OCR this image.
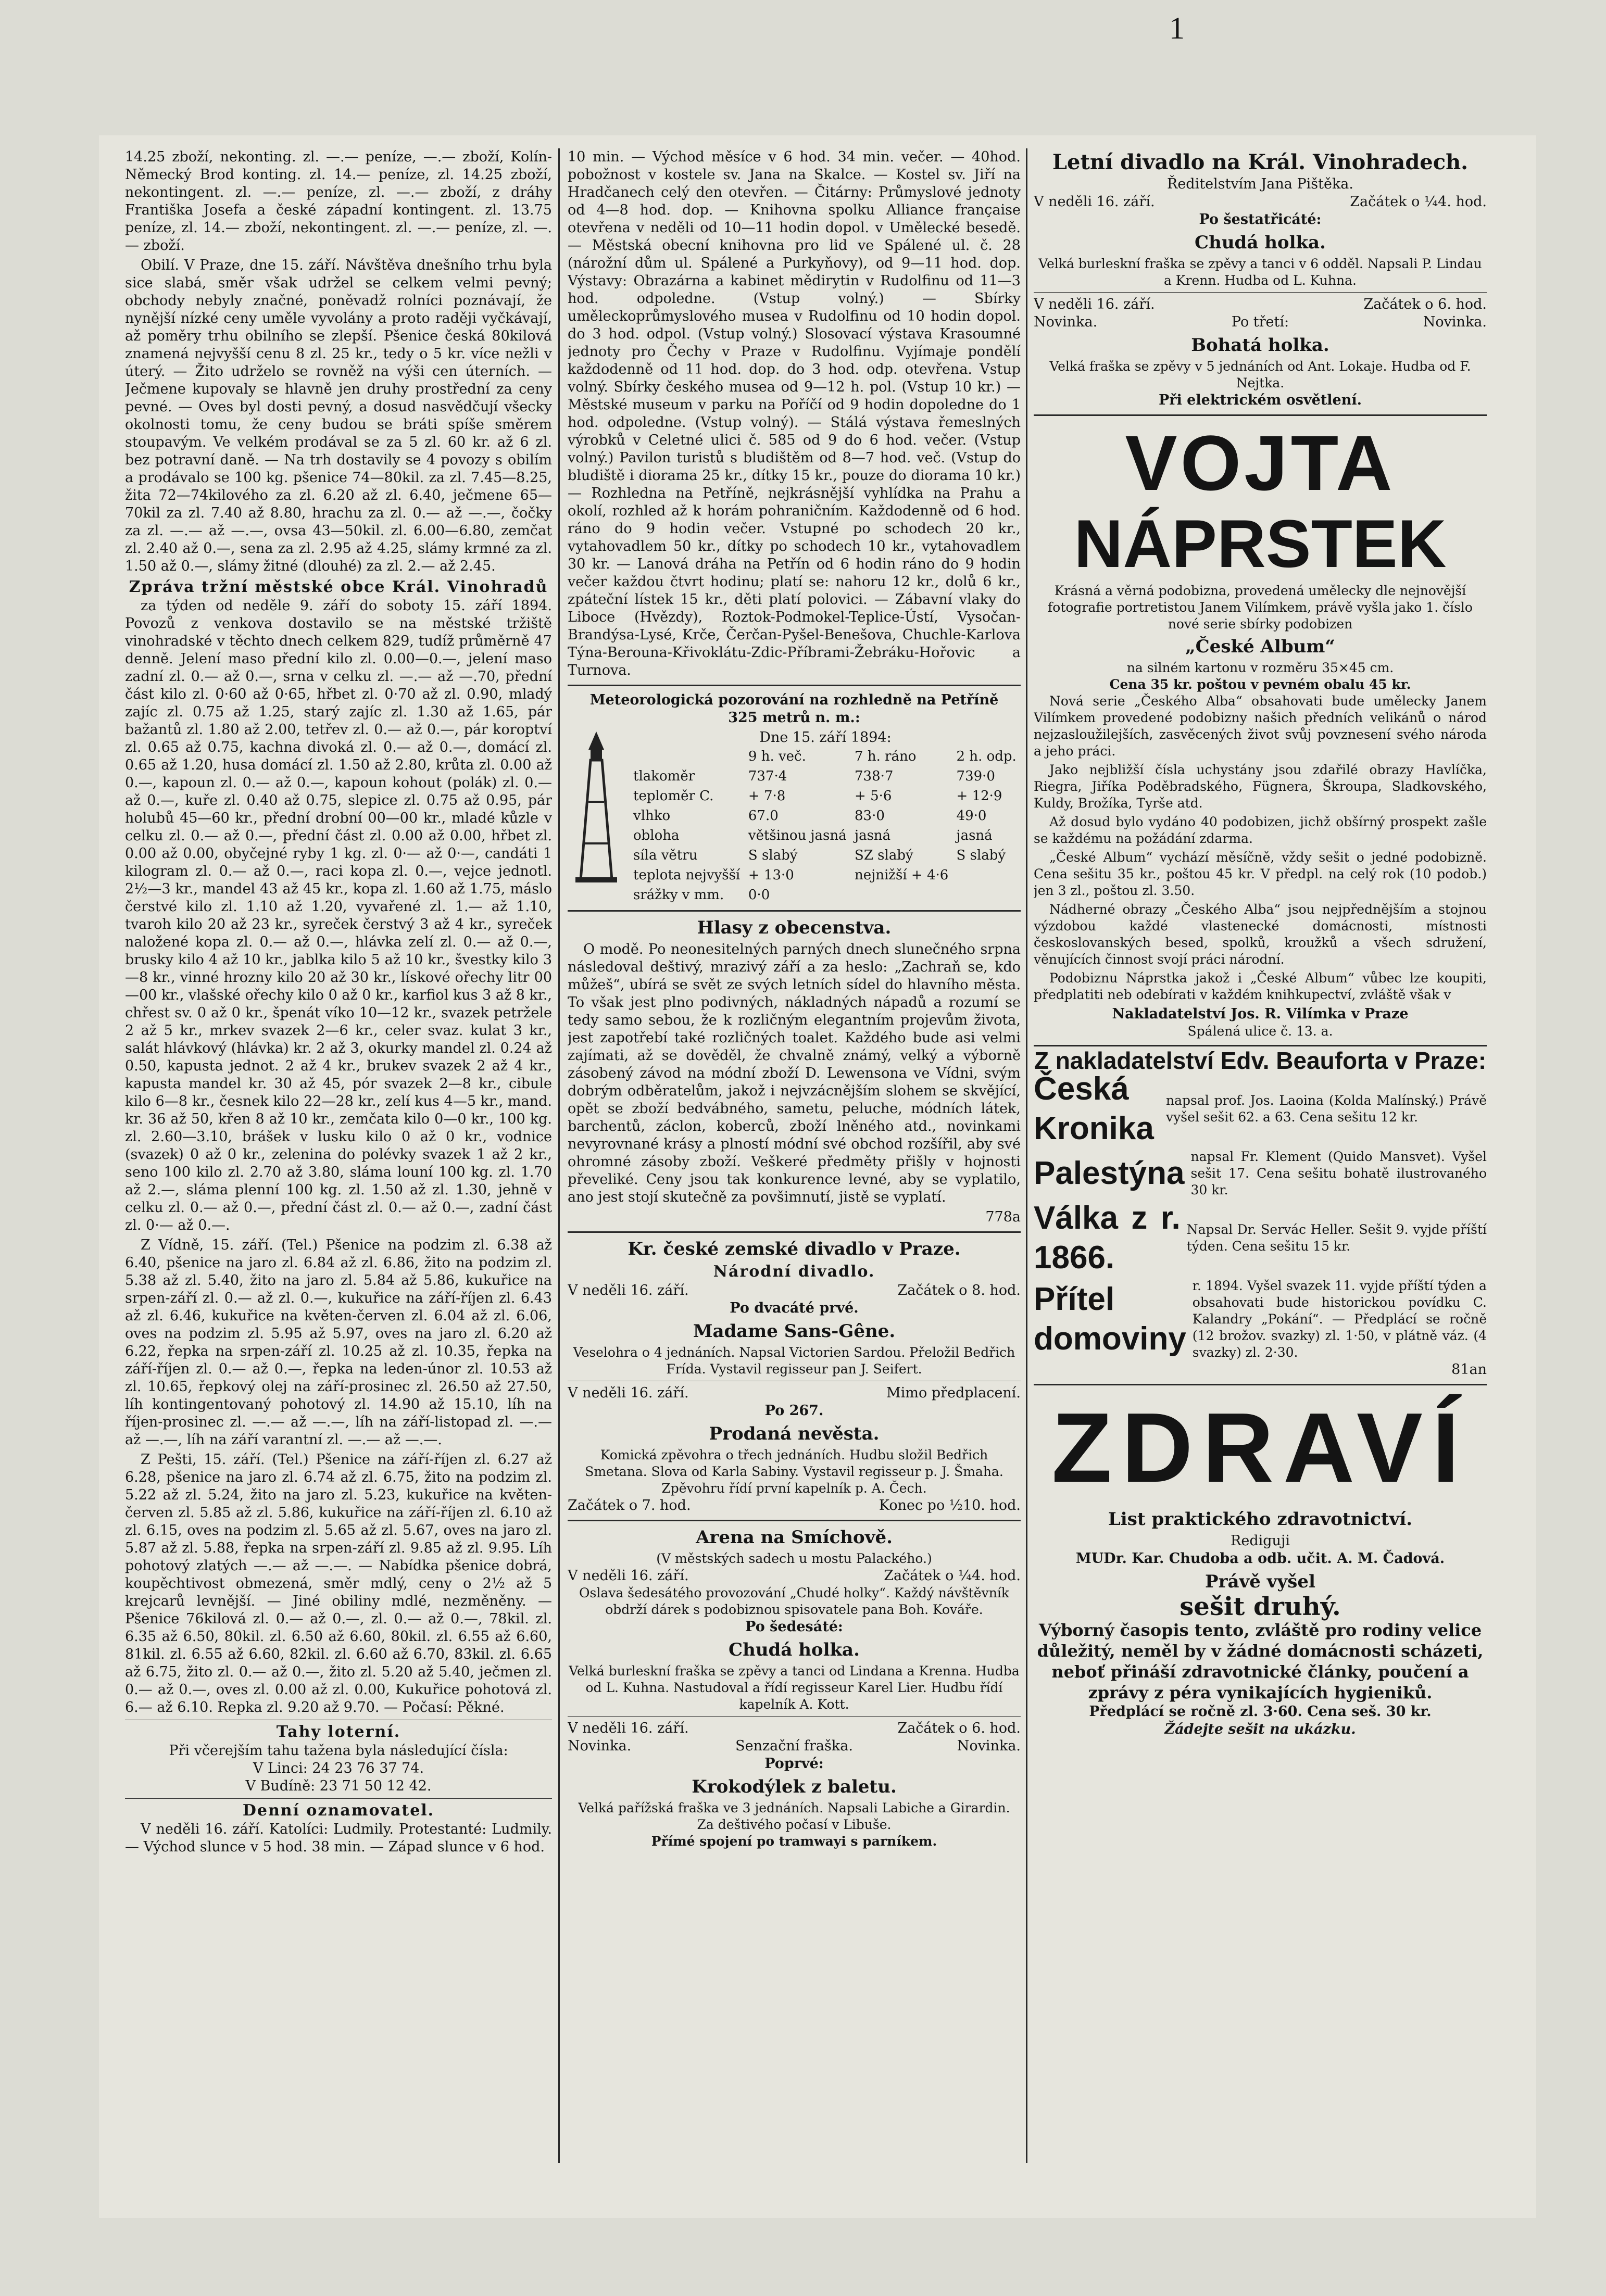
1

14.25 zboží, nekonting. zl. —.— peníze, —.— zboží, Kolín-Německý Brod konting. zl. 14.— peníze, zl. 14.25 zboží, nekontingent. zl. —.— peníze, zl. —.— zboží, z dráhy Františka Josefa a české západní kontingent. zl. 13.75 peníze, zl. 14.— zboží, nekontingent. zl. —.— peníze, zl. —.— zboží.

Obilí. V Praze, dne 15. září. Návštěva dnešního trhu byla sice slabá, směr však udržel se celkem velmi pevný; obchody nebyly značné, poněvadž rolníci poznávají, že nynější nízké ceny uměle vyvolány a proto raději vyčkávají, až poměry trhu obilního se zlepší. Pšenice česká 80kilová znamená nejvyšší cenu 8 zl. 25 kr., tedy o 5 kr. více nežli v úterý. — Žito udrželo se rovněž na výši cen úterních. — Ječmene kupovaly se hlavně jen druhy prostřední za ceny pevné. — Oves byl dosti pevný, a dosud nasvědčují všecky okolnosti tomu, že ceny budou se bráti spíše směrem stoupavým. Ve velkém prodával se za 5 zl. 60 kr. až 6 zl. bez potravní daně. — Na trh dostavily se 4 povozy s obilím a prodávalo se 100 kg. pšenice 74—80kil. za zl. 7.45—8.25, žita 72—74kilového za zl. 6.20 až zl. 6.40, ječmene 65—70kil za zl. 7.40 až 8.80, hrachu za zl. 0.— až —.—, čočky za zl. —.— až —.—, ovsa 43—50kil. zl. 6.00—6.80, zemčat zl. 2.40 až 0.—, sena za zl. 2.95 až 4.25, slámy krmné za zl. 1.50 až 0.—, slámy žitné (dlouhé) za zl. 2.— až 2.45.

Zpráva tržní městské obce Král. Vinohradů

za týden od neděle 9. září do soboty 15. září 1894. Povozů z venkova dostavilo se na městské tržiště vinohradské v těchto dnech celkem 829, tudíž průměrně 47 denně. Jelení maso přední kilo zl. 0.00—0.—, jelení maso zadní zl. 0.— až 0.—, srna v celku zl. —.— až —.70, přední část kilo zl. 0·60 až 0·65, hřbet zl. 0·70 až zl. 0.90, mladý zajíc zl. 0.75 až 1.25, starý zajíc zl. 1.30 až 1.65, pár bažantů zl. 1.80 až 2.00, tetřev zl. 0.— až 0.—, pár koroptví zl. 0.65 až 0.75, kachna divoká zl. 0.— až 0.—, domácí zl. 0.65 až 1.20, husa domácí zl. 1.50 až 2.80, krůta zl. 0.00 až 0.—, kapoun zl. 0.— až 0.—, kapoun kohout (polák) zl. 0.— až 0.—, kuře zl. 0.40 až 0.75, slepice zl. 0.75 až 0.95, pár holubů 45—60 kr., přední drobní 00—00 kr., mladé kůzle v celku zl. 0.— až 0.—, přední část zl. 0.00 až 0.00, hřbet zl. 0.00 až 0.00, obyčejné ryby 1 kg. zl. 0·— až 0·—, candáti 1 kilogram zl. 0.— až 0.—, raci kopa zl. 0.—, vejce jednotl. 2½—3 kr., mandel 43 až 45 kr., kopa zl. 1.60 až 1.75, máslo čerstvé kilo zl. 1.10 až 1.20, vyvařené zl. 1.— až 1.10, tvaroh kilo 20 až 23 kr., syreček čerstvý 3 až 4 kr., syreček naložené kopa zl. 0.— až 0.—, hlávka zelí zl. 0.— až 0.—, brusky kilo 4 až 10 kr., jablka kilo 5 až 10 kr., švestky kilo 3—8 kr., vinné hrozny kilo 20 až 30 kr., lískové ořechy litr 00—00 kr., vlašské ořechy kilo 0 až 0 kr., karfiol kus 3 až 8 kr., chřest sv. 0 až 0 kr., špenát víko 10—12 kr., svazek petržele 2 až 5 kr., mrkev svazek 2—6 kr., celer svaz. kulat 3 kr., salát hlávkový (hlávka) kr. 2 až 3, okurky mandel zl. 0.24 až 0.50, kapusta jednot. 2 až 4 kr., brukev svazek 2 až 4 kr., kapusta mandel kr. 30 až 45, pór svazek 2—8 kr., cibule kilo 6—8 kr., česnek kilo 22—28 kr., zelí kus 4—5 kr., mand. kr. 36 až 50, křen 8 až 10 kr., zemčata kilo 0—0 kr., 100 kg. zl. 2.60—3.10, brášek v lusku kilo 0 až 0 kr., vodnice (svazek) 0 až 0 kr., zelenina do polévky svazek 1 až 2 kr., seno 100 kilo zl. 2.70 až 3.80, sláma louní 100 kg. zl. 1.70 až 2.—, sláma plenní 100 kg. zl. 1.50 až zl. 1.30, jehně v celku zl. 0.— až 0.—, přední část zl. 0.— až 0.—, zadní část zl. 0·— až 0.—.

Z Vídně, 15. září. (Tel.) Pšenice na podzim zl. 6.38 až 6.40, pšenice na jaro zl. 6.84 až zl. 6.86, žito na podzim zl. 5.38 až zl. 5.40, žito na jaro zl. 5.84 až 5.86, kukuřice na srpen-září zl. 0.— až zl. 0.—, kukuřice na září-říjen zl. 6.43 až zl. 6.46, kukuřice na květen-červen zl. 6.04 až zl. 6.06, oves na podzim zl. 5.95 až 5.97, oves na jaro zl. 6.20 až 6.22, řepka na srpen-září zl. 10.25 až zl. 10.35, řepka na září-říjen zl. 0.— až 0.—, řepka na leden-únor zl. 10.53 až zl. 10.65, řepkový olej na září-prosinec zl. 26.50 až 27.50, líh kontingentovaný pohotový zl. 14.90 až 15.10, líh na říjen-prosinec zl. —.— až —.—, líh na září-listopad zl. —.— až —.—, líh na září varantní zl. —.— až —.—.

Z Pešti, 15. září. (Tel.) Pšenice na září-říjen zl. 6.27 až 6.28, pšenice na jaro zl. 6.74 až zl. 6.75, žito na podzim zl. 5.22 až zl. 5.24, žito na jaro zl. 5.23, kukuřice na květen-červen zl. 5.85 až zl. 5.86, kukuřice na září-říjen zl. 6.10 až zl. 6.15, oves na podzim zl. 5.65 až zl. 5.67, oves na jaro zl. 5.87 až zl. 5.88, řepka na srpen-září zl. 9.85 až zl. 9.95. Líh pohotový zlatých —.— až —.—. — Nabídka pšenice dobrá, koupěchtivost obmezená, směr mdlý, ceny o 2½ až 5 krejcarů levnější. — Jiné obiliny mdlé, nezměněny. — Pšenice 76kilová zl. 0.— až 0.—, zl. 0.— až 0.—, 78kil. zl. 6.35 až 6.50, 80kil. zl. 6.50 až 6.60, 80kil. zl. 6.55 až 6.60, 81kil. zl. 6.55 až 6.60, 82kil. zl. 6.60 až 6.70, 83kil. zl. 6.65 až 6.75, žito zl. 0.— až 0.—, žito zl. 5.20 až 5.40, ječmen zl. 0.— až 0.—, oves zl. 0.00 až zl. 0.00, Kukuřice pohotová zl. 6.— až 6.10. Repka zl. 9.20 až 9.70. — Počasí: Pěkné.

Tahy loterní.
Při včerejším tahu tažena byla následující čísla:
V Linci: 24 23 76 37 74.
V Budíně: 23 71 50 12 42.
Denní oznamovatel.

V neděli 16. září. Katolíci: Ludmily. Protestanté: Ludmily. — Východ slunce v 5 hod. 38 min. — Západ slunce v 6 hod.

10 min. — Východ měsíce v 6 hod. 34 min. večer. — 40hod. pobožnost v kostele sv. Jana na Skalce. — Kostel sv. Jiří na Hradčanech celý den otevřen. — Čitárny: Průmyslové jednoty od 4—8 hod. dop. — Knihovna spolku Alliance française otevřena v neděli od 10—11 hodin dopol. v Umělecké besedě. — Městská obecní knihovna pro lid ve Spálené ul. č. 28 (nárožní dům ul. Spálené a Purkyňovy), od 9—11 hod. dop. Výstavy: Obrazárna a kabinet mědirytin v Rudolfinu od 11—3 hod. odpoledne. (Vstup volný.) — Sbírky uměleckoprůmyslového musea v Rudolfinu od 10 hodin dopol. do 3 hod. odpol. (Vstup volný.) Slosovací výstava Krasoumné jednoty pro Čechy v Praze v Rudolfinu. Vyjímaje pondělí každodenně od 11 hod. dop. do 3 hod. odp. otevřena. Vstup volný. Sbírky českého musea od 9—12 h. pol. (Vstup 10 kr.) — Městské museum v parku na Poříčí od 9 hodin dopoledne do 1 hod. odpoledne. (Vstup volný). — Stálá výstava řemeslných výrobků v Celetné ulici č. 585 od 9 do 6 hod. večer. (Vstup volný.) Pavilon turistů s bludištěm od 8—7 hod. več. (Vstup do bludiště i diorama 25 kr., dítky 15 kr., pouze do diorama 10 kr.) — Rozhledna na Petříně, nejkrásnější vyhlídka na Prahu a okolí, rozhled až k horám pohraničním. Každodenně od 6 hod. ráno do 9 hodin večer. Vstupné po schodech 20 kr., vytahovadlem 50 kr., dítky po schodech 10 kr., vytahovadlem 30 kr. — Lanová dráha na Petřín od 6 hodin ráno do 9 hodin večer každou čtvrt hodinu; platí se: nahoru 12 kr., dolů 6 kr., zpáteční lístek 15 kr., děti platí polovici. — Zábavní vlaky do Liboce (Hvězdy), Roztok-Podmokel-Teplice-Ústí, Vysočan-Brandýsa-Lysé, Krče, Čerčan-Pyšel-Benešova, Chuchle-Karlova Týna-Berouna-Křivoklátu-Zdic-Příbrami-Žebráku-Hořovic a Turnova.

Meteorologická pozorování na rozhledně na Petříně
325 metrů n. m.:
Dne 15. září 1894:
	9 h. več.	7 h. ráno	2 h. odp.
tlakoměr	737·4	738·7	739·0
teploměr C.	+ 7·8	+ 5·6	+ 12·9
vlhko	67.0	83·0	49·0
obloha	většinou jasná	jasná	jasná
síla větru	S slabý	SZ slabý	S slabý
teplota nejvyšší	+ 13·0	nejnižší + 4·6	
srážky v mm.	0·0		
Hlasy z obecenstva.

O modě. Po neonesitelných parných dnech slunečného srpna následoval deštivý, mrazivý září a za heslo: „Zachraň se, kdo můžeš“, ubírá se svět ze svých letních sídel do hlavního města. To však jest plno podivných, nákladných nápadů a rozumí se tedy samo sebou, že k rozličným elegantním projevům života, jest zapotřebí také rozličných toalet. Každého bude asi velmi zajímati, až se dověděl, že chvalně známý, velký a výborně zásobený závod na módní zboží D. Lewensona ve Vídni, svým dobrým odběratelům, jakož i nejvzácnějším slohem se skvějící, opět se zboží bedvábného, sametu, peluche, módních látek, barchentů, záclon, koberců, zboží lněného atd., novinkami nevyrovnané krásy a plností módní své obchod rozšířil, aby své ohromné zásoby zboží. Veškeré předměty přišly v hojnosti převeliké. Ceny jsou tak konkurence levné, aby se vyplatilo, ano jest stojí skutečně za povšimnutí, jistě se vyplatí.

778a
Kr. české zemské divadlo v Praze.
Národní divadlo.
V neděli 16. září.	Začátek o 8. hod.
Po dvacáté prvé.
Madame Sans-Gêne.
Veselohra o 4 jednáních. Napsal Victorien Sardou. Přeložil Bedřich Frída. Vystavil regisseur pan J. Seifert.
V neděli 16. září.	Mimo předplacení.
Po 267.
Prodaná nevěsta.
Komická zpěvohra o třech jednáních. Hudbu složil Bedřich Smetana. Slova od Karla Sabiny. Vystavil regisseur p. J. Šmaha. Zpěvohru řídí první kapelník p. A. Čech.
Začátek o 7. hod.	Konec po ½10. hod.
Arena na Smíchově.
(V městských sadech u mostu Palackého.)
V neděli 16. září.	Začátek o ¼4. hod.
Oslava šedesátého provozování „Chudé holky“. Každý návštěvník obdrží dárek s podobiznou spisovatele pana Boh. Kováře.
Po šedesáté:
Chudá holka.
Velká burleskní fraška se zpěvy a tanci od Lindana a Krenna. Hudba od L. Kuhna. Nastudoval a řídí regisseur Karel Lier. Hudbu řídí kapelník A. Kott.
V neděli 16. září.	Začátek o 6. hod.
Novinka.	Senzační fraška.	Novinka.
Poprvé:
Krokodýlek z baletu.
Velká pařížská fraška ve 3 jednáních. Napsali Labiche a Girardin.
Za deštivého počasí v Libuše.
Přímé spojení po tramwayi s parníkem.
Letní divadlo na Král. Vinohradech.
Ředitelstvím Jana Pištěka.
V neděli 16. září.	Začátek o ¼4. hod.
Po šestatřicáté:
Chudá holka.
Velká burleskní fraška se zpěvy a tanci v 6 odděl. Napsali P. Lindau a Krenn. Hudba od L. Kuhna.
V neděli 16. září.	Začátek o 6. hod.
Novinka.	Po třetí:	Novinka.
Bohatá holka.
Velká fraška se zpěvy v 5 jednáních od Ant. Lokaje. Hudba od F. Nejtka.
Při elektrickém osvětlení.
VOJTA
NÁPRSTEK
Krásná a věrná podobizna, provedená umělecky dle nejnovější fotografie portretistou Janem Vilímkem, právě vyšla jako 1. číslo nové serie sbírky podobizen
„České Album“
na silném kartonu v rozměru 35×45 cm.
Cena 35 kr. poštou v pevném obalu 45 kr.

Nová serie „Českého Alba“ obsahovati bude umělecky Janem Vilímkem provedené podobizny našich předních velikánů o národ nejzasloužilejších, zasvěcených život svůj povznesení svého národa a jeho práci.

Jako nejbližší čísla uchystány jsou zdařilé obrazy Havlíčka, Riegra, Jiříka Poděbradského, Fügnera, Škroupa, Sladkovského, Kuldy, Brožíka, Tyrše atd.

Až dosud bylo vydáno 40 podobizen, jichž obšírný prospekt zašle se každému na požádání zdarma.

„České Album“ vychází měsíčně, vždy sešit o jedné podobizně. Cena sešitu 35 kr., poštou 45 kr. V předpl. na celý rok (10 podob.) jen 3 zl., poštou zl. 3.50.

Nádherné obrazy „Českého Alba“ jsou nejpřednějším a stojnou výzdobou každé vlastenecké domácnosti, místnosti českoslovanských besed, spolků, kroužků a všech sdružení, věnujících činnost svojí práci národní.

Podobiznu Náprstka jakož i „České Album“ vůbec lze koupiti, předplatiti neb odebírati v každém knihkupectví, zvláště však v

Nakladatelství Jos. R. Vilímka v Praze
Spálená ulice č. 13. a.
Z nakladatelství Edv. Beauforta v Praze:
Česká Kronika
napsal prof. Jos. Laoina (Kolda Malínský.) Právě vyšel sešit 62. a 63. Cena sešitu 12 kr.
Palestýna napsal Fr. Klement (Quido Mansvet). Vyšel sešit 17. Cena sešitu bohatě ilustrovaného 30 kr.
Válka z r. 1866.
Napsal Dr. Servác Heller. Sešit 9. vyjde příští týden. Cena sešitu 15 kr.
Přítel domoviny
r. 1894. Vyšel svazek 11. vyjde příští týden a obsahovati bude historickou povídku C. Kalandry „Pokání“. — Předplácí se ročně (12 brožov. svazky) zl. 1·50, v plátně váz. (4 svazky) zl. 2·30.
81an
ZDRAVÍ
List praktického zdravotnictví.
Rediguji
MUDr. Kar. Chudoba a odb. učit. A. M. Čadová.
Právě vyšel
sešit druhý.
Výborný časopis tento, zvláště pro rodiny velice důležitý, neměl by v žádné domácnosti scházeti, neboť přináší zdravotnické články, poučení a zprávy z péra vynikajících hygieniků.
Předplácí se ročně zl. 3·60. Cena seš. 30 kr.
Žádejte sešit na ukázku.
